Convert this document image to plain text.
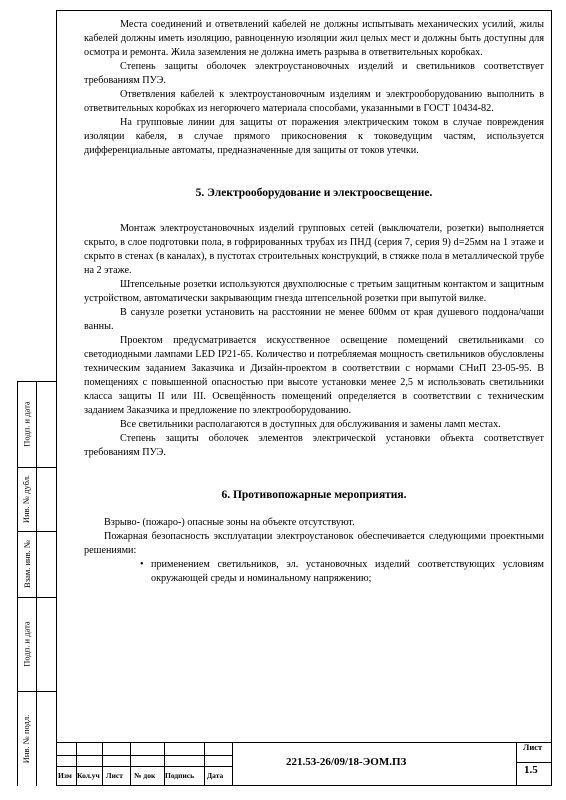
Подп. и дата
Инв. № дубл.
Взам. инв. №
Подп. и дата
Инв. № подл.

Места соединений и ответвлений кабелей не должны испытывать механических усилий, жилы кабелей должны иметь изоляцию, равноценную изоляции жил целых мест и должны быть доступны для осмотра и ремонта. Жила заземления не должна иметь разрыва в ответвительных коробках.

Степень защиты оболочек электроустановочных изделий и светильников соответствует требованиям ПУЭ.

Ответвления кабелей к электроустановочным изделиям и электрооборудованию выполнить в ответвительных коробках из негорючего материала способами, указанными в ГОСТ 10434-82.

На групповые линии для защиты от поражения электрическим током в случае повреждения изоляции кабеля, в случае прямого прикосновения к токоведущим частям, используется дифференциальные автоматы, предназначенные для защиты от токов утечки.

5. Электрооборудование и электроосвещение.

Монтаж электроустановочных изделий групповых сетей (выключатели, розетки) выполняется скрыто, в слое подготовки пола, в гофрированных трубах из ПНД (серия 7, серия 9) d=25мм на 1 этаже и скрыто в стенах (в каналах), в пустотах строительных конструкций, в стяжке пола в металлической трубе на 2 этаже.

Штепсельные розетки используются двухполюсные с третьим защитным контактом и защитным устройством, автоматически закрывающим гнезда штепсельной розетки при выпутой вилке.

В санузле розетки установить на расстоянии не менее 600мм от края душевого поддона/чаши ванны.

Проектом предусматривается искусственное освещение помещений светильниками со светодиодными лампами LED IP21-65. Количество и потребляемая мощность светильников обусловлены техническим заданием Заказчика и Дизайн-проектом в соответствии с нормами СНиП 23-05-95. В помещениях с повышенной опасностью при высоте установки менее 2,5 м использовать светильники класса защиты II или III. Освещённость помещений определяется в соответствии с техническим заданием Заказчика и предложение по электрооборудованию.

Все светильники располагаются в доступных для обслуживания и замены ламп местах.

Степень защиты оболочек элементов электрической установки объекта соответствует требованиям ПУЭ.

6. Противопожарные мероприятия.

Взрыво- (пожаро-) опасные зоны на объекте отсутствуют.

Пожарная безопасность эксплуатации электроустановок обеспечивается следующими проектными решениями:

• применением светильников, эл. установочных изделий соответствующих условиям окружающей среды и номинальному напряжению;

Изм Кол.уч Лист № док Подпись Дата
221.53-26/09/18-ЭОМ.ПЗ
Лист
1.5
